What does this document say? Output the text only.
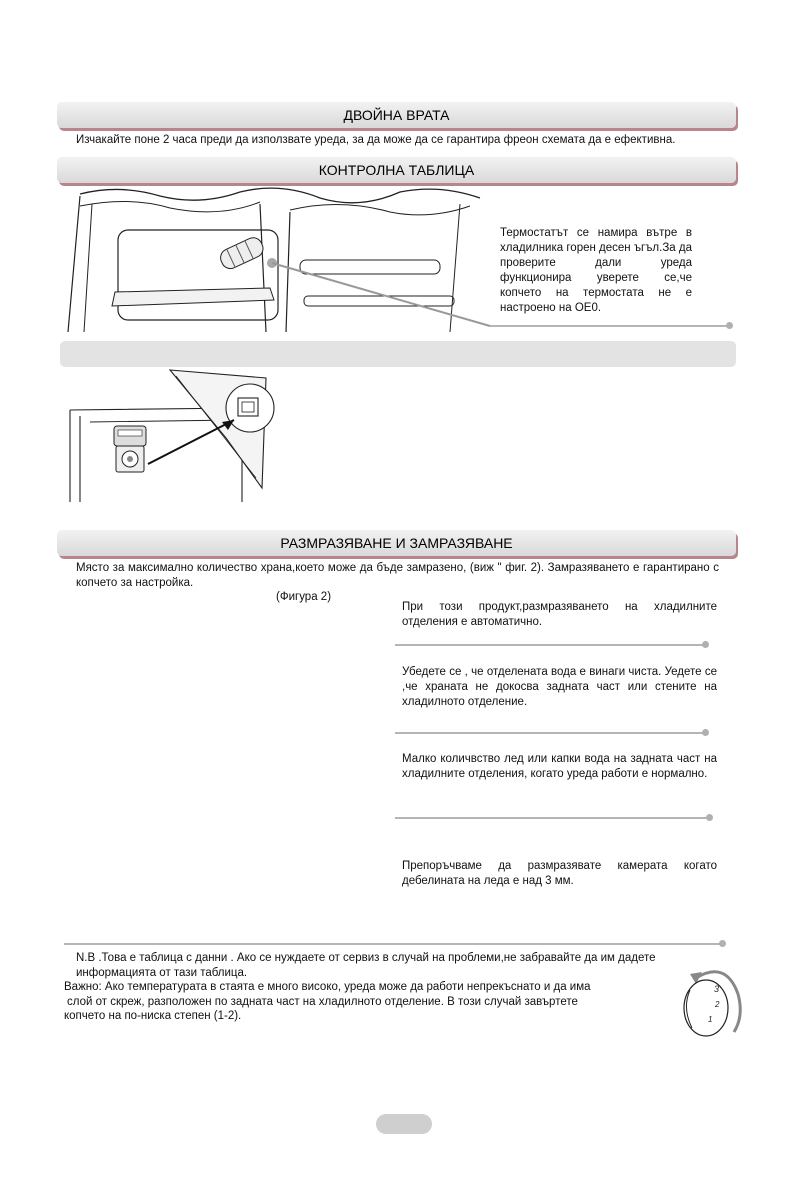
ДВОЙНА ВРАТА
Изчакайте поне 2 часа преди да използвате уреда, за да може да се гарантира фреон схемата да е ефективна.
КОНТРОЛНА ТАБЛИЦА
Термостатът се намира вътре в хладилника горен десен ъгъл.За да проверите дали уреда функционира уверете се,че копчето на термостата не е настроено на OE0.
РАЗМРАЗЯВАНЕ И ЗАМРАЗЯВАНЕ
Място за максимално количество храна,което може да бъде замразено, (виж " фиг. 2). Замразяването е гарантирано с копчето за настройка.
(Фигура 2)
При този продукт,размразяването на хладилните отделения е автоматично.
Убедете се , че отделената вода е винаги чиста. Уедете се ,че храната не докосва задната част или стените на хладилното отделение.
Малко количвство лед или капки вода на задната част на хладилните отделения, когато уреда работи е нормално.
Препоръчваме да размразявате камерата когато дебелината на леда е над 3 мм.
N.B .Това е таблица с данни . Ако се нуждаете от сервиз в случай на проблеми,не забравайте да им дадете информацията от тази таблица.
Важно: Ако температурата в стаята е много високо, уреда може да работи непрекъснато и да има
слой от скреж, разположен по задната част на хладилното отделение. В този случай завъртете
копчето на по-ниска степен (1-2).
3
2
1
